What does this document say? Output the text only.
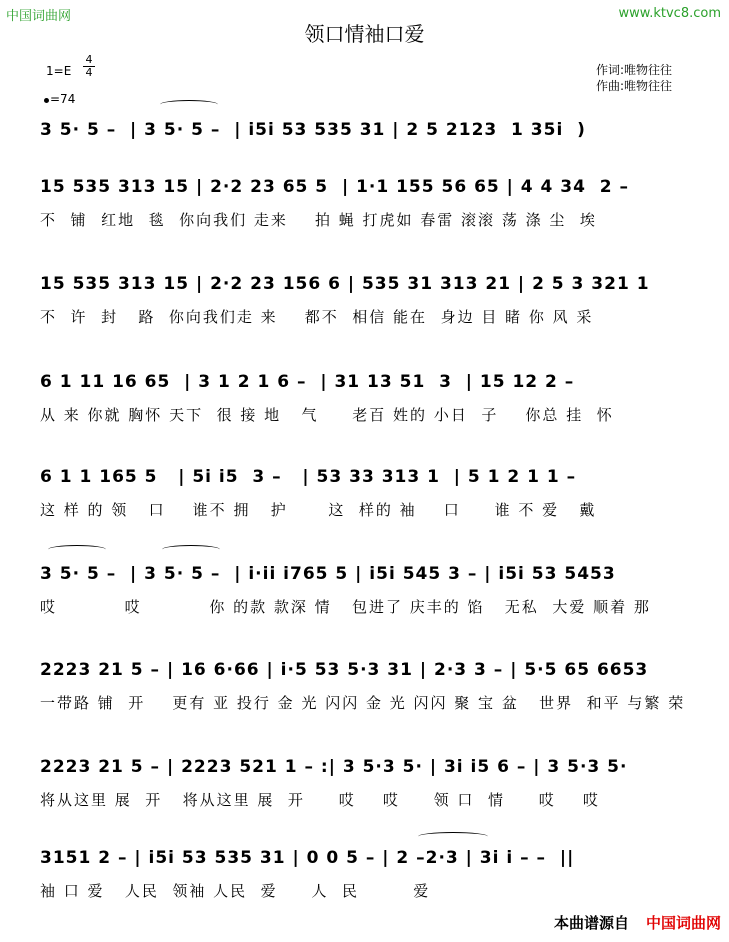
中国词曲网	www.ktvc8.com
领口情袖口爱
1=E
4
4
=74
作词:唯物往往
作曲:唯物往往
3 5· 5 –  | 3 5· 5 –  | i5i 53 535 31 | 2 5 2123  1 35i  )
15 535 313 15 | 2·2 23 65 5  | 1·1 155 56 65 | 4 4 34  2 –
不  铺  红地  毯  你向我们 走来    拍 蝇 打虎如 春雷 滚滚 荡 涤 尘  埃
15 535 313 15 | 2·2 23 156 6 | 535 31 313 21 | 2 5 3 321 1
不  许  封   路  你向我们走 来    都不  相信 能在  身边 目 睹 你 风 采
6 1 11 16 65  | 3 1 2 1 6 –  | 31 13 51  3  | 15 12 2 –
从 来 你就 胸怀 天下  很 接 地   气     老百 姓的 小日  子    你总 挂  怀
6 1 1 165 5   | 5i i5  3 –   | 53 33 313 1  | 5 1 2 1 1 –
这 样 的 领   口    谁不 拥   护      这  样的 袖    口     谁 不 爱   戴
3 5· 5 –  | 3 5· 5 –  | i·ii i765 5 | i5i 545 3 – | i5i 53 5453
哎          哎          你 的款 款深 情   包进了 庆丰的 馅   无私  大爱 顺着 那
2223 21 5 – | 16 6·66 | i·5 53 5·3 31 | 2·3 3 – | 5·5 65 6653
一带路 铺  开    更有 亚 投行 金 光 闪闪 金 光 闪闪 聚 宝 盆   世界  和平 与繁 荣
2223 21 5 – | 2223 521 1 – :| 3 5·3 5· | 3i i5 6 – | 3 5·3 5·
将从这里 展  开   将从这里 展  开     哎    哎     领 口  情     哎    哎
3151 2 – | i5i 53 535 31 | 0 0 5 – | 2 –2·3 | 3i i – –  ||
袖 口 爱   人民  领袖 人民  爱     人  民        爱
本曲谱源自 中国词曲网
